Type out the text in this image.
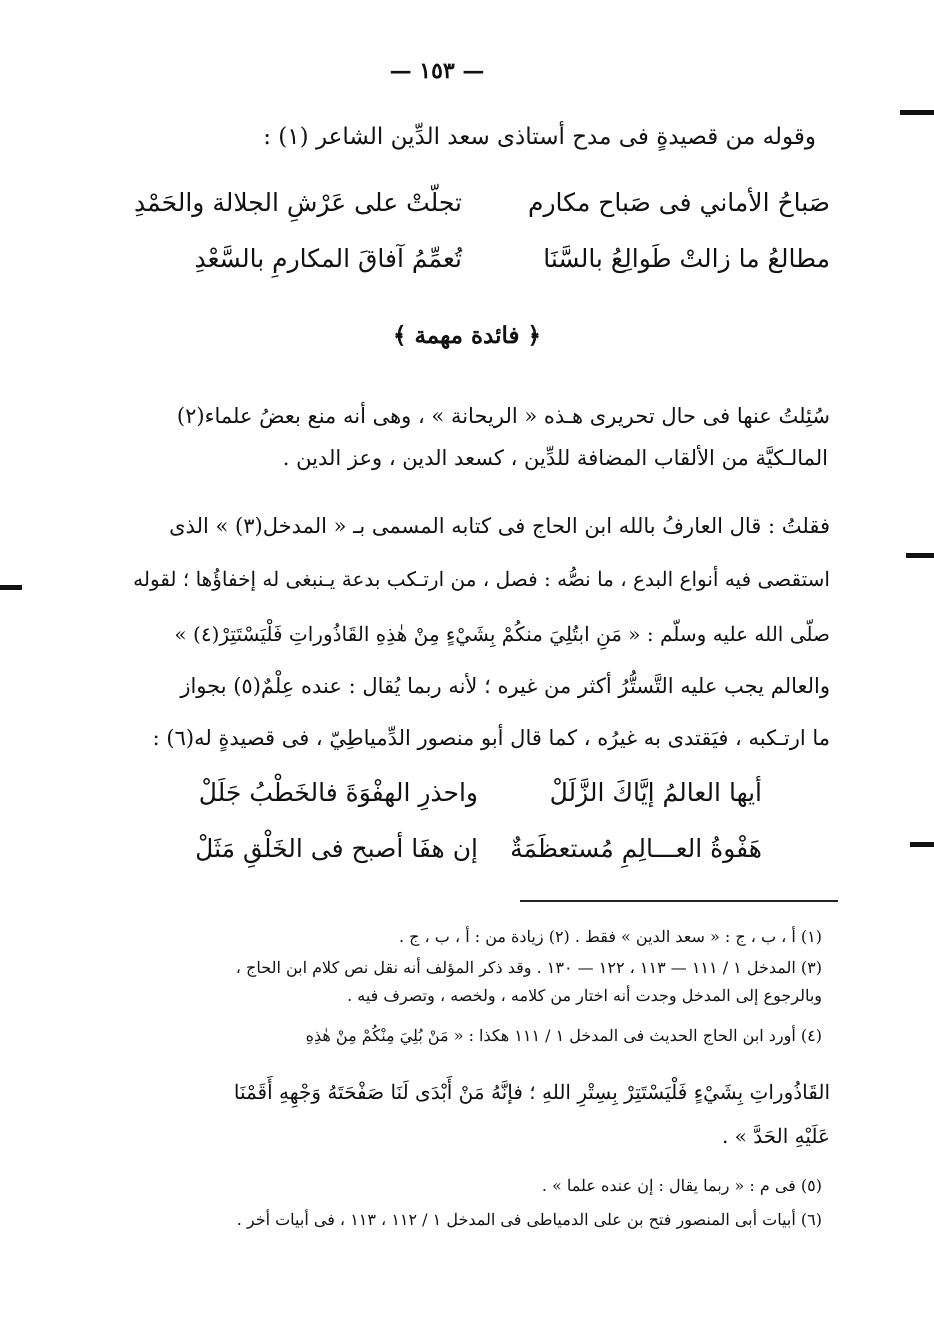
— ١٥٣ —
وقوله من قصيدةٍ فى مدح أستاذى سعد الدِّين الشاعر (١) :
صَباحُ الأماني فى صَباح مكارم
تجلّتْ على عَرْشِ الجلالة والحَمْدِ
مطالعُ ما زالتْ طَوالِعُ بالسَّنَا
تُعمِّمُ آفاقَ المكارمِ بالسَّعْدِ
﴿ فائدة مهمة ﴾
سُئِلتُ عنها فى حال تحريرى هـذه « الريحانة » ، وهى أنه منع بعضُ علماء(٢)
المالـكيَّة من الألقاب المضافة للدِّين ، كسعد الدين ، وعز الدين .
فقلتُ : قال العارفُ بالله ابن الحاج فى كتابه المسمى بـ « المدخل(٣) » الذى
استقصى فيه أنواع البدع ، ما نصُّه : فصل ، من ارتـكب بدعة يـنبغى له إخفاؤُها ؛ لقوله
صلّى الله عليه وسلّم : « مَنِ ابتُلِيَ منكُمْ بِشَيْءٍ مِنْ هٰذِهِ القَاذُوراتِ فَلْيَسْتَتِرْ(٤) »
والعالم يجب عليه التَّستُّرُ أكثر من غيره ؛ لأنه ربما يُقال : عنده عِلْمٌ(٥) بجواز
ما ارتـكبه ، فيَقتدى به غيرُه ، كما قال أبو منصور الدِّمياطِيّ ، فى قصيدةٍ له(٦) :
أيها العالمُ إيَّاكَ الزَّلَلْ
واحذرِ الهفْوَةَ فالخَطْبُ جَلَلْ
هَفْوةُ العـــالِمِ مُستعظَمَةٌ
إن هفَا أصبح فى الخَلْقِ مَثَلْ
(١) أ ، ب ، ج : « سعد الدين » فقط . (٢) زيادة من : أ ، ب ، ج .
(٣) المدخل ١ / ١١١ — ١١٣ ، ١٢٢ — ١٣٠ . وقد ذكر المؤلف أنه نقل نص كلام ابن الحاج ،
وبالرجوع إلى المدخل وجدت أنه اختار من كلامه ، ولخصه ، وتصرف فيه .
(٤) أورد ابن الحاج الحديث فى المدخل ١ / ١١١ هكذا : « مَنْ بُلِيَ مِنْكُمْ مِنْ هٰذِهِ
القَاذُوراتِ بِشَيْءٍ فَلْيَسْتَتِرْ بِسِتْرِ اللهِ ؛ فإنَّهُ مَنْ أَبْدَى لَنَا صَفْحَتَهُ وَجْهِهِ أَقَمْنَا
عَلَيْهِ الحَدَّ » .
(٥) فى م : « ربما يقال : إن عنده علما » .
(٦) أبيات أبى المنصور فتح بن على الدمياطى فى المدخل ١ / ١١٢ ، ١١٣ ، فى أبيات أخر .
